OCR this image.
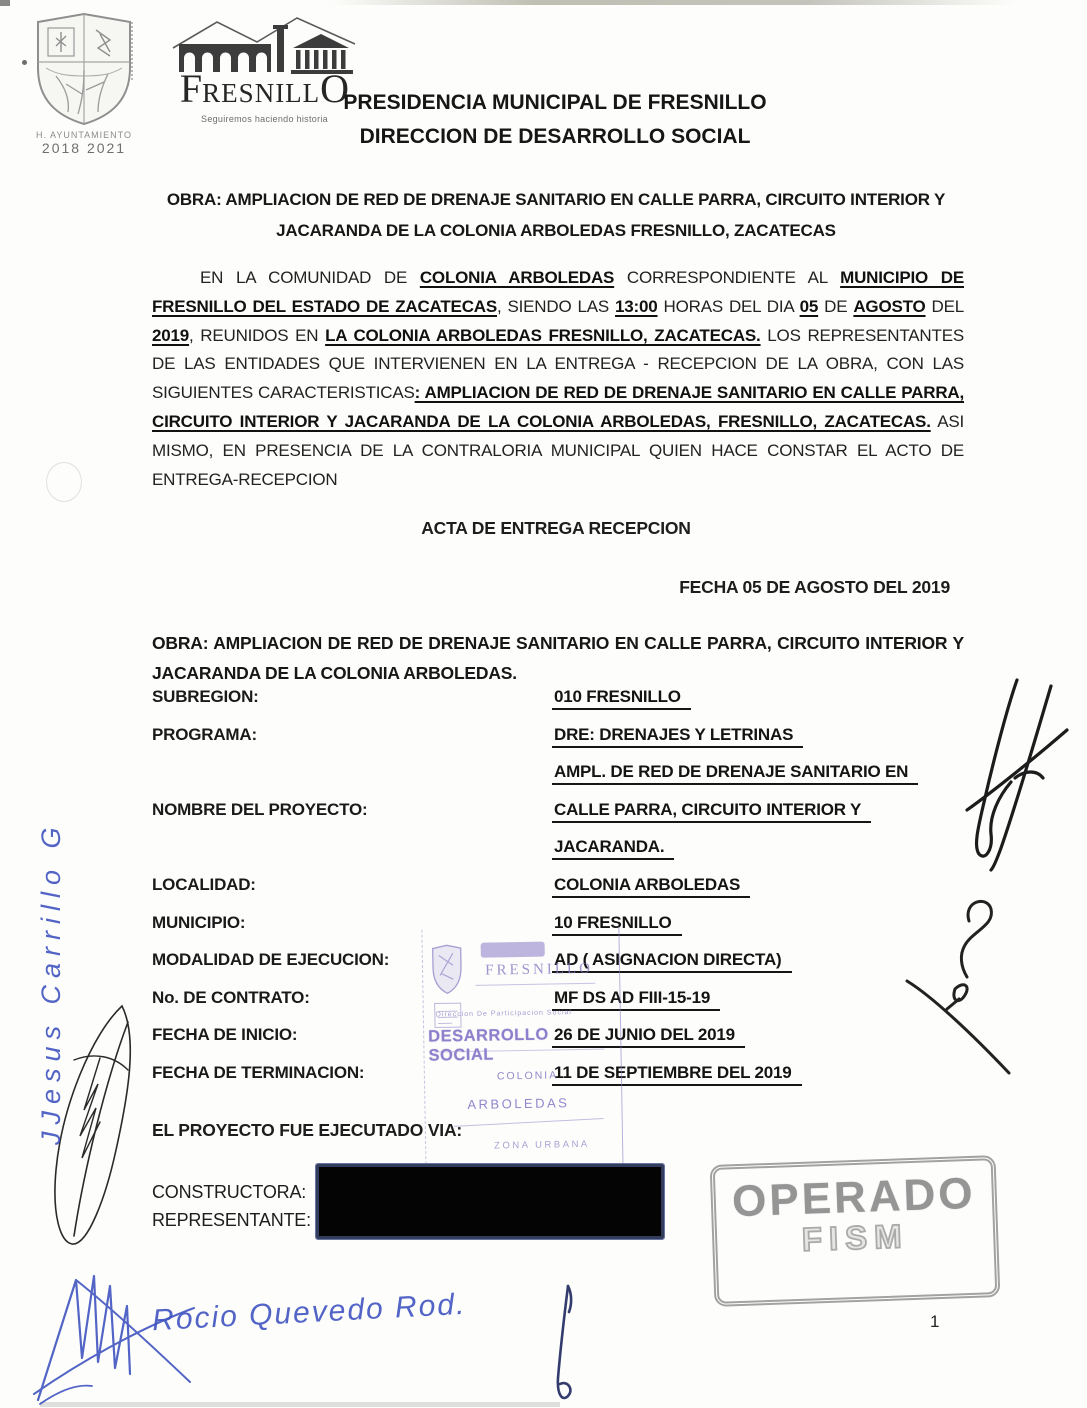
H. AYUNTAMIENTO
2018 2021
FRESNILLO
Seguiremos haciendo historia
PRESIDENCIA MUNICIPAL DE FRESNILLO
DIRECCION DE DESARROLLO SOCIAL
OBRA: AMPLIACION DE RED DE DRENAJE SANITARIO EN CALLE PARRA, CIRCUITO INTERIOR Y JACARANDA DE LA COLONIA ARBOLEDAS FRESNILLO, ZACATECAS
EN LA COMUNIDAD DE COLONIA ARBOLEDAS CORRESPONDIENTE AL MUNICIPIO DE FRESNILLO DEL ESTADO DE ZACATECAS, SIENDO LAS 13:00 HORAS DEL DIA 05 DE AGOSTO DEL 2019, REUNIDOS EN LA COLONIA ARBOLEDAS FRESNILLO, ZACATECAS. LOS REPRESENTANTES DE LAS ENTIDADES QUE INTERVIENEN EN LA ENTREGA - RECEPCION DE LA OBRA, CON LAS SIGUIENTES CARACTERISTICAS: AMPLIACION DE RED DE DRENAJE SANITARIO EN CALLE PARRA, CIRCUITO INTERIOR Y JACARANDA DE LA COLONIA ARBOLEDAS, FRESNILLO, ZACATECAS. ASI MISMO, EN PRESENCIA DE LA CONTRALORIA MUNICIPAL QUIEN HACE CONSTAR EL ACTO DE ENTREGA-RECEPCION
ACTA DE ENTREGA RECEPCION
FECHA 05 DE AGOSTO DEL 2019
OBRA: AMPLIACION DE RED DE DRENAJE SANITARIO EN CALLE PARRA, CIRCUITO INTERIOR Y JACARANDA DE LA COLONIA ARBOLEDAS.
SUBREGION:	010 FRESNILLO
PROGRAMA:	DRE: DRENAJES Y LETRINAS
AMPL. DE RED DE DRENAJE SANITARIO EN
NOMBRE DEL PROYECTO:	CALLE PARRA, CIRCUITO INTERIOR Y
JACARANDA.
LOCALIDAD:	COLONIA ARBOLEDAS
MUNICIPIO:	10 FRESNILLO
MODALIDAD DE EJECUCION:	AD ( ASIGNACION DIRECTA)
No. DE CONTRATO:	MF DS AD FIII-15-19
FECHA DE INICIO:	26 DE JUNIO DEL 2019
FECHA DE TERMINACION:	11 DE SEPTIEMBRE DEL 2019
FRESNILLO
Direccion De Participacion Social
DESARROLLO SOCIAL
COLONIA
ARBOLEDAS
ZONA URBANA
EL PROYECTO FUE EJECUTADO VIA:
CONSTRUCTORA:
REPRESENTANTE:	OPERADO
FISM
JJesus Carrillo G
Rocio Quevedo Rod.	1
